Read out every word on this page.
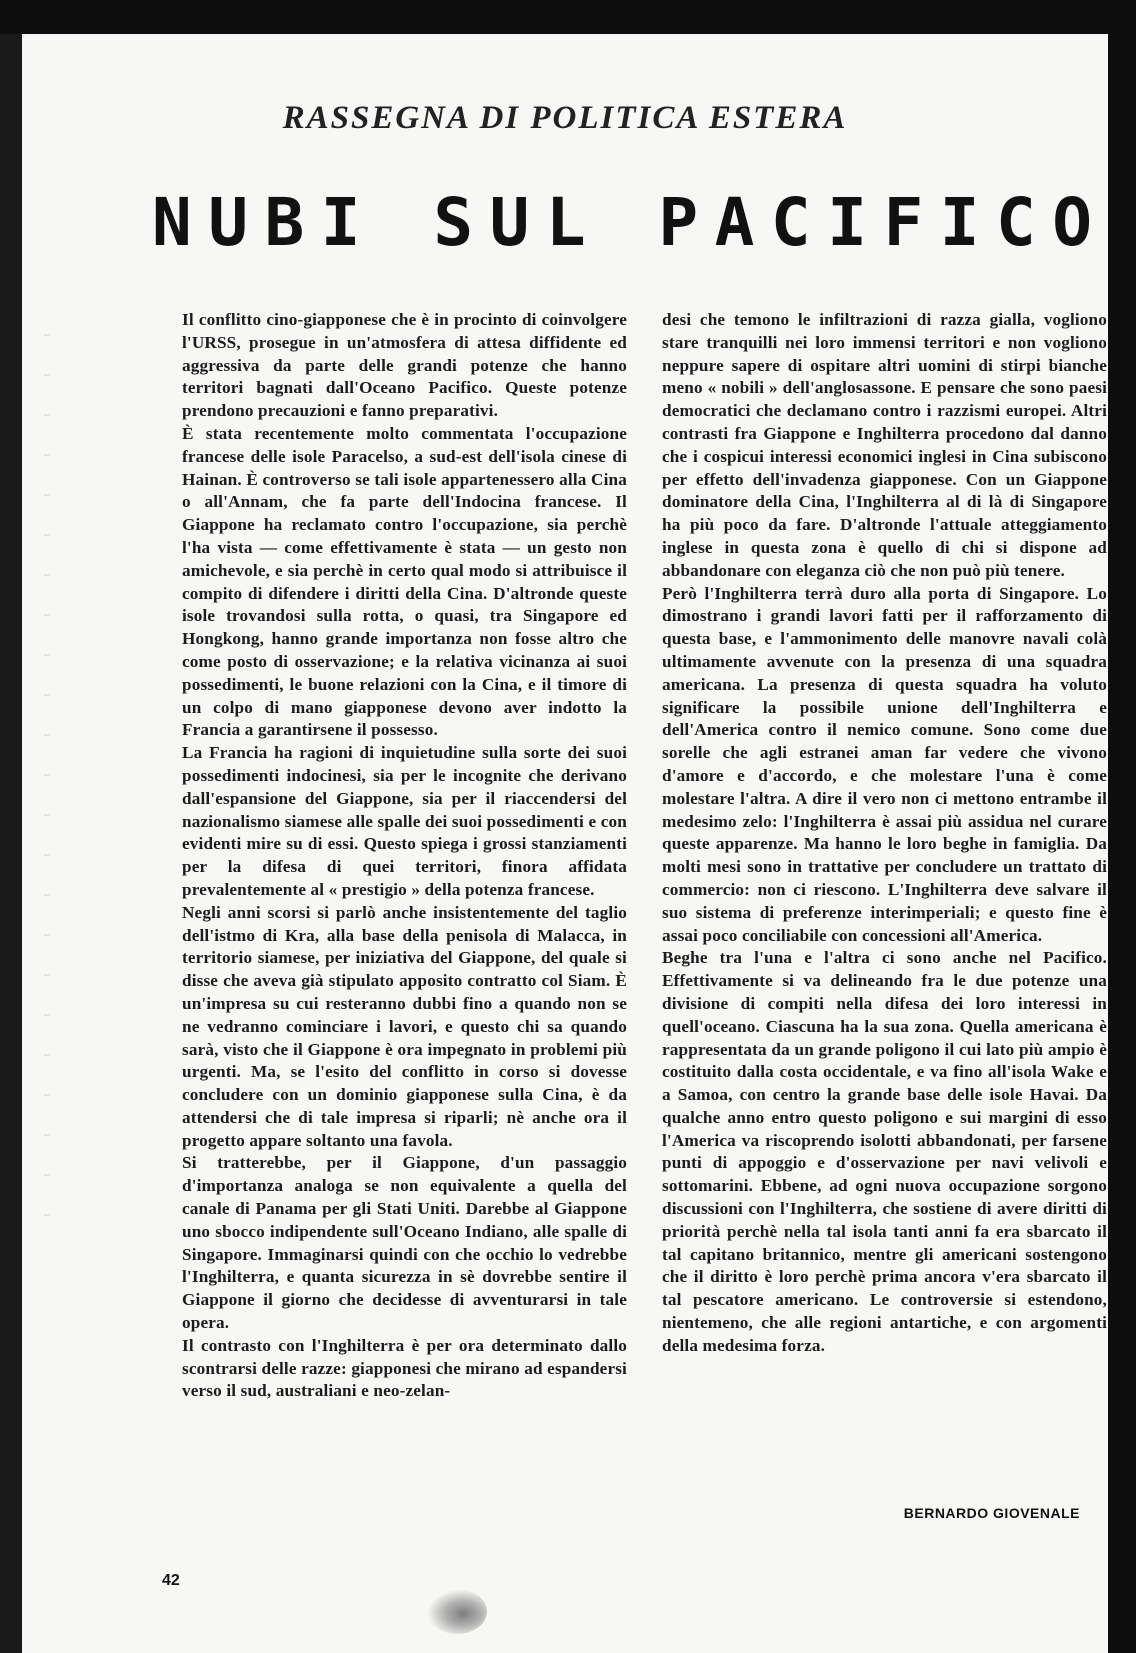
RASSEGNA DI POLITICA ESTERA
N U B I
S U L
P A C I F I C O

Il conflitto cino-giapponese che è in procinto di coinvolgere l'URSS, prosegue in un'atmosfera di attesa diffidente ed aggressiva da parte delle grandi potenze che hanno territori bagnati dall'Oceano Pacifico. Queste potenze prendono precauzioni e fanno preparativi.

È stata recentemente molto commentata l'occupazione francese delle isole Paracelso, a sud-est dell'isola cinese di Hainan. È controverso se tali isole appartenessero alla Cina o all'Annam, che fa parte dell'Indocina francese. Il Giappone ha reclamato contro l'occupazione, sia perchè l'ha vista — come effettivamente è stata — un gesto non amichevole, e sia perchè in certo qual modo si attribuisce il compito di difendere i diritti della Cina. D'altronde queste isole trovandosi sulla rotta, o quasi, tra Singapore ed Hongkong, hanno grande importanza non fosse altro che come posto di osservazione; e la relativa vicinanza ai suoi possedimenti, le buone relazioni con la Cina, e il timore di un colpo di mano giapponese devono aver indotto la Francia a garantirsene il possesso.

La Francia ha ragioni di inquietudine sulla sorte dei suoi possedimenti indocinesi, sia per le incognite che derivano dall'espansione del Giappone, sia per il riaccendersi del nazionalismo siamese alle spalle dei suoi possedimenti e con evidenti mire su di essi. Questo spiega i grossi stanziamenti per la difesa di quei territori, finora affidata prevalentemente al « prestigio » della potenza francese.

Negli anni scorsi si parlò anche insistentemente del taglio dell'istmo di Kra, alla base della penisola di Malacca, in territorio siamese, per iniziativa del Giappone, del quale si disse che aveva già stipulato apposito contratto col Siam. È un'impresa su cui resteranno dubbi fino a quando non se ne vedranno cominciare i lavori, e questo chi sa quando sarà, visto che il Giappone è ora impegnato in problemi più urgenti. Ma, se l'esito del conflitto in corso si dovesse concludere con un dominio giapponese sulla Cina, è da attendersi che di tale impresa si riparli; nè anche ora il progetto appare soltanto una favola.

Si tratterebbe, per il Giappone, d'un passaggio d'importanza analoga se non equivalente a quella del canale di Panama per gli Stati Uniti. Darebbe al Giappone uno sbocco indipendente sull'Oceano Indiano, alle spalle di Singapore. Immaginarsi quindi con che occhio lo vedrebbe l'Inghilterra, e quanta sicurezza in sè dovrebbe sentire il Giappone il giorno che decidesse di avventurarsi in tale opera.

Il contrasto con l'Inghilterra è per ora determinato dallo scontrarsi delle razze: giapponesi che mirano ad espandersi verso il sud, australiani e neo-zelan-

desi che temono le infiltrazioni di razza gialla, vogliono stare tranquilli nei loro immensi territori e non vogliono neppure sapere di ospitare altri uomini di stirpi bianche meno « nobili » dell'anglosassone. E pensare che sono paesi democratici che declamano contro i razzismi europei. Altri contrasti fra Giappone e Inghilterra procedono dal danno che i cospicui interessi economici inglesi in Cina subiscono per effetto dell'invadenza giapponese. Con un Giappone dominatore della Cina, l'Inghilterra al di là di Singapore ha più poco da fare. D'altronde l'attuale atteggiamento inglese in questa zona è quello di chi si dispone ad abbandonare con eleganza ciò che non può più tenere.

Però l'Inghilterra terrà duro alla porta di Singapore. Lo dimostrano i grandi lavori fatti per il rafforzamento di questa base, e l'ammonimento delle manovre navali colà ultimamente avvenute con la presenza di una squadra americana. La presenza di questa squadra ha voluto significare la possibile unione dell'Inghilterra e dell'America contro il nemico comune. Sono come due sorelle che agli estranei aman far vedere che vivono d'amore e d'accordo, e che molestare l'una è come molestare l'altra. A dire il vero non ci mettono entrambe il medesimo zelo: l'Inghilterra è assai più assidua nel curare queste apparenze. Ma hanno le loro beghe in famiglia. Da molti mesi sono in trattative per concludere un trattato di commercio: non ci riescono. L'Inghilterra deve salvare il suo sistema di preferenze interimperiali; e questo fine è assai poco conciliabile con concessioni all'America.

Beghe tra l'una e l'altra ci sono anche nel Pacifico. Effettivamente si va delineando fra le due potenze una divisione di compiti nella difesa dei loro interessi in quell'oceano. Ciascuna ha la sua zona. Quella americana è rappresentata da un grande poligono il cui lato più ampio è costituito dalla costa occidentale, e va fino all'isola Wake e a Samoa, con centro la grande base delle isole Havai. Da qualche anno entro questo poligono e sui margini di esso l'America va riscoprendo isolotti abbandonati, per farsene punti di appoggio e d'osservazione per navi velivoli e sottomarini. Ebbene, ad ogni nuova occupazione sorgono discussioni con l'Inghilterra, che sostiene di avere diritti di priorità perchè nella tal isola tanti anni fa era sbarcato il tal capitano britannico, mentre gli americani sostengono che il diritto è loro perchè prima ancora v'era sbarcato il tal pescatore americano. Le controversie si estendono, nientemeno, che alle regioni antartiche, e con argomenti della medesima forza.

BERNARDO GIOVENALE
42
